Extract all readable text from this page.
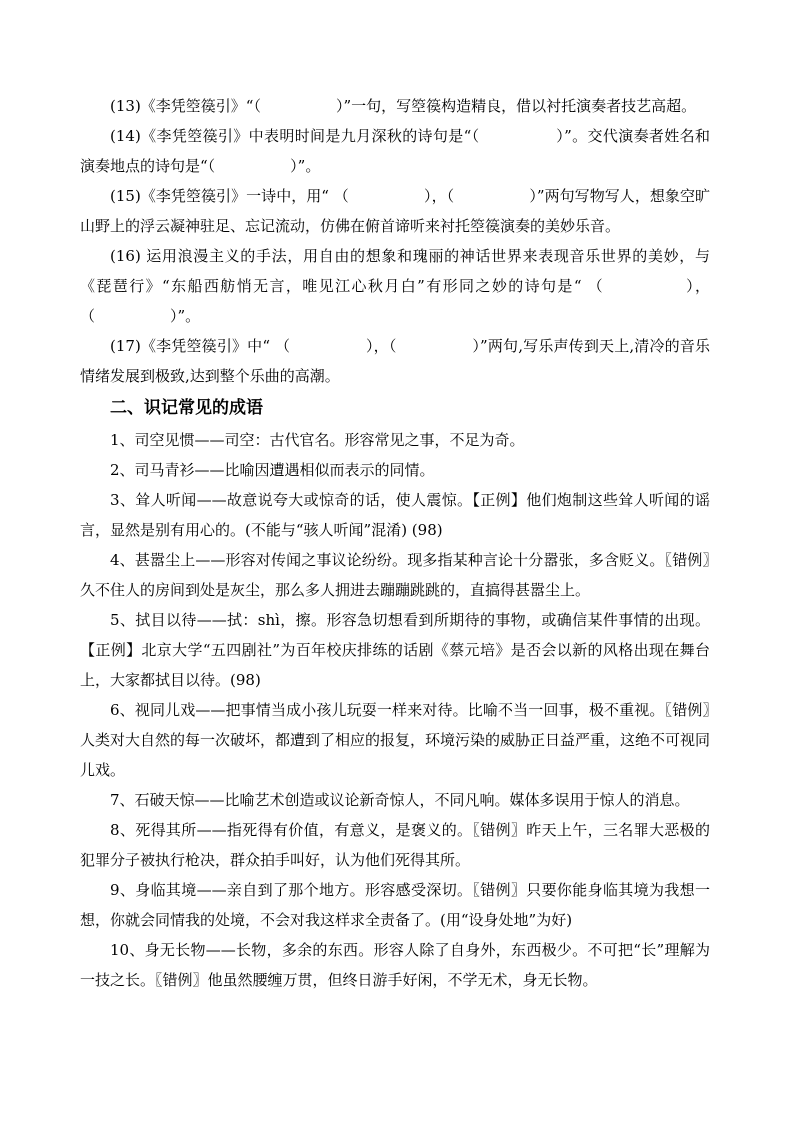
(13)《李凭箜篌引》“（　　　　　）”一句，写箜篌构造精良，借以衬托演奏者技艺高超。

(14)《李凭箜篌引》中表明时间是九月深秋的诗句是“（　　　　　）”。交代演奏者姓名和演奏地点的诗句是“（　　　　　）”。

(15)《李凭箜篌引》一诗中，用“ （　　　　　），（　　　　　）”两句写物写人，想象空旷山野上的浮云凝神驻足、忘记流动，仿佛在俯首谛听来衬托箜篌演奏的美妙乐音。

(16) 运用浪漫主义的手法，用自由的想象和瑰丽的神话世界来表现音乐世界的美妙，与《琵琶行》“东船西舫悄无言，唯见江心秋月白”有形同之妙的诗句是“ （　　　　　），（　　　　　）”。

(17)《李凭箜篌引》中“ （　　　　　），（　　　　　）”两句,写乐声传到天上,清冷的音乐情绪发展到极致,达到整个乐曲的高潮。

二、识记常见的成语

1、司空见惯——司空：古代官名。形容常见之事，不足为奇。

2、司马青衫——比喻因遭遇相似而表示的同情。

3、耸人听闻——故意说夸大或惊奇的话，使人震惊。【正例】他们炮制这些耸人听闻的谣言，显然是别有用心的。(不能与“骇人听闻”混淆) (98)

4、甚嚣尘上——形容对传闻之事议论纷纷。现多指某种言论十分嚣张，多含贬义。〖错例〗久不住人的房间到处是灰尘，那么多人拥进去蹦蹦跳跳的，直搞得甚嚣尘上。

5、拭目以待——拭：shì，擦。形容急切想看到所期待的事物，或确信某件事情的出现。【正例】北京大学“五四剧社”为百年校庆排练的话剧《蔡元培》是否会以新的风格出现在舞台上，大家都拭目以待。(98)

6、视同儿戏——把事情当成小孩儿玩耍一样来对待。比喻不当一回事，极不重视。〖错例〗人类对大自然的每一次破坏，都遭到了相应的报复，环境污染的威胁正日益严重，这绝不可视同儿戏。

7、石破天惊——比喻艺术创造或议论新奇惊人，不同凡响。媒体多误用于惊人的消息。

8、死得其所——指死得有价值，有意义，是褒义的。〖错例〗昨天上午，三名罪大恶极的犯罪分子被执行枪决，群众拍手叫好，认为他们死得其所。

9、身临其境——亲自到了那个地方。形容感受深切。〖错例〗只要你能身临其境为我想一想，你就会同情我的处境，不会对我这样求全责备了。(用“设身处地”为好)

10、身无长物——长物，多余的东西。形容人除了自身外，东西极少。不可把“长”理解为一技之长。〖错例〗他虽然腰缠万贯，但终日游手好闲，不学无术，身无长物。
